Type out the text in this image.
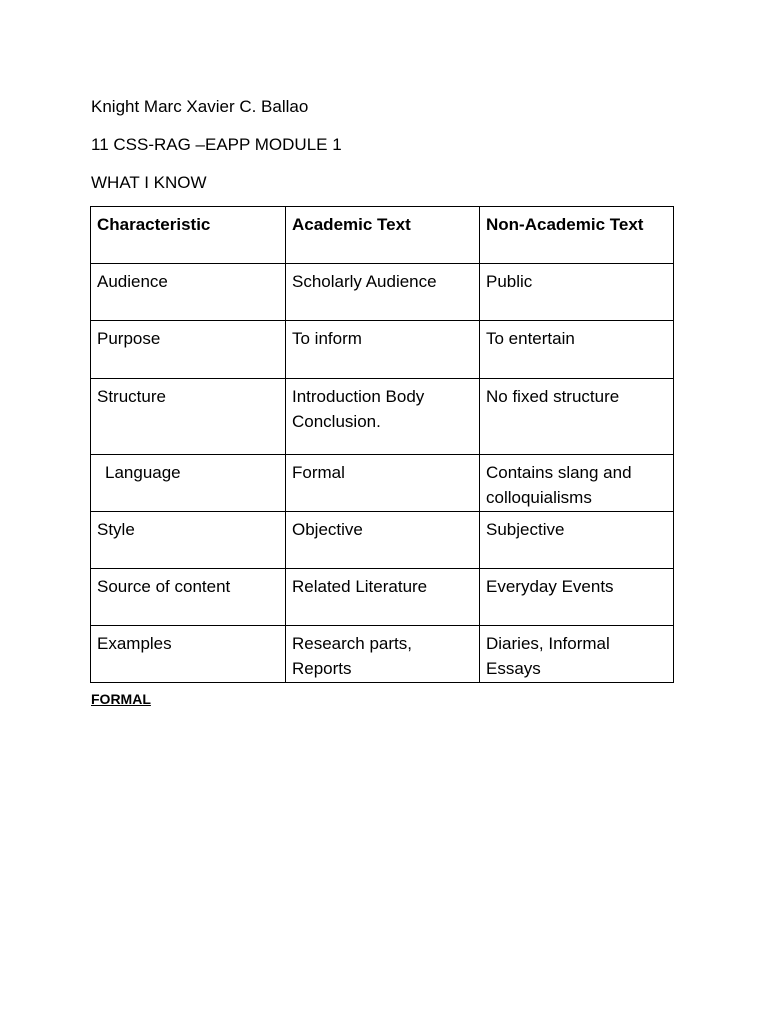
Knight Marc Xavier C. Ballao
11 CSS-RAG –EAPP MODULE 1
WHAT I KNOW
Characteristic	Academic Text	Non-Academic Text
Audience	Scholarly Audience	Public
Purpose	To inform	To entertain
Structure	Introduction Body Conclusion.	No fixed structure
Language	Formal	Contains slang and colloquialisms
Style	Objective	Subjective
Source of content	Related Literature	Everyday Events
Examples	Research parts, Reports	Diaries, Informal Essays
FORMAL
